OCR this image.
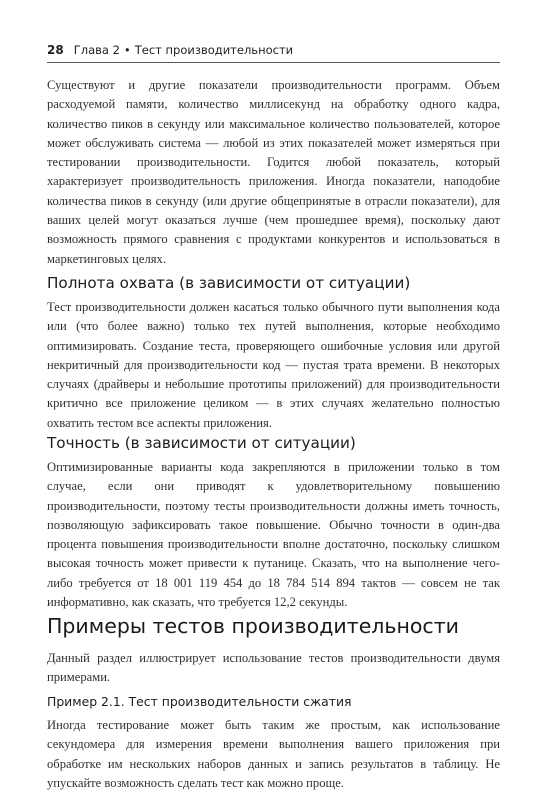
28 Глава 2 • Тест производительности

Существуют и другие показатели производительности программ. Объем расходуемой памяти, количество миллисекунд на обработку одного кадра, количество пиков в секунду или максимальное количество пользователей, которое может обслуживать система — любой из этих показателей может измеряться при тестировании производительности. Годится любой показатель, который характеризует производительность приложения. Иногда показатели, наподобие количества пиков в секунду (или другие общепринятые в отрасли показатели), для ваших целей могут оказаться лучше (чем прошедшее время), поскольку дают возможность прямого сравнения с продуктами конкурентов и использоваться в маркетинговых целях.

Полнота охвата (в зависимости от ситуации)

Тест производительности должен касаться только обычного пути выполнения кода или (что более важно) только тех путей выполнения, которые необходимо оптимизировать. Создание теста, проверяющего ошибочные условия или другой некритичный для производительности код — пустая трата времени. В некоторых случаях (драйверы и небольшие прототипы приложений) для производительности критично все приложение целиком — в этих случаях желательно полностью охватить тестом все аспекты приложения.

Точность (в зависимости от ситуации)

Оптимизированные варианты кода закрепляются в приложении только в том случае, если они приводят к удовлетворительному повышению производительности, поэтому тесты производительности должны иметь точность, позволяющую зафиксировать такое повышение. Обычно точности в один-два процента повышения производительности вполне достаточно, поскольку слишком высокая точность может привести к путанице. Сказать, что на выполнение чего-либо требуется от 18 001 119 454 до 18 784 514 894 тактов — совсем не так информативно, как сказать, что требуется 12,2 секунды.

Примеры тестов производительности

Данный раздел иллюстрирует использование тестов производительности двумя примерами.

Пример 2.1. Тест производительности сжатия

Иногда тестирование может быть таким же простым, как использование секундомера для измерения времени выполнения вашего приложения при обработке им нескольких наборов данных и запись результатов в таблицу. Не упускайте возможность сделать тест как можно проще.
